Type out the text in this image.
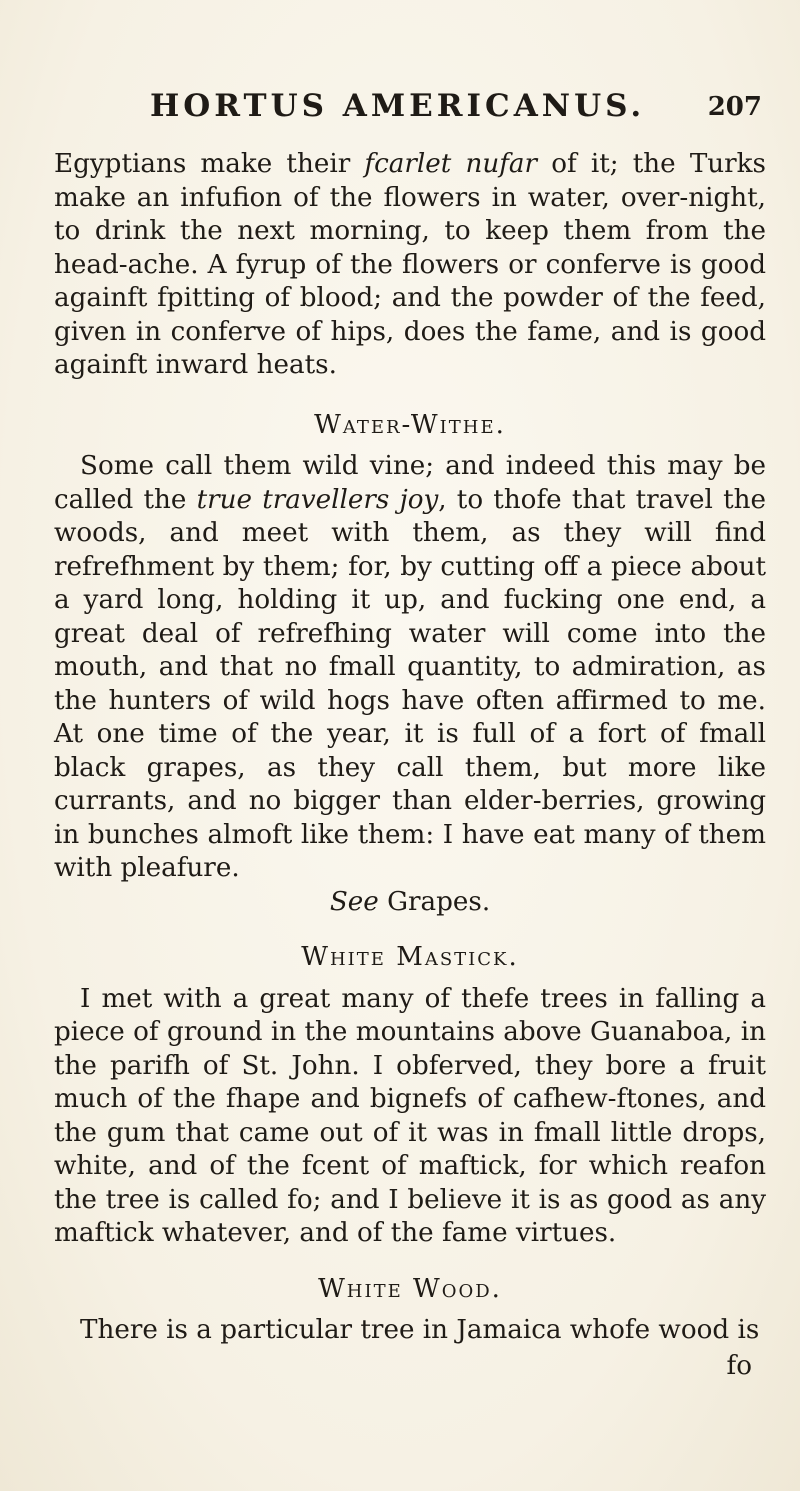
HORTUS AMERICANUS. 207

Egyptians make their fcarlet nufar of it; the Turks make an infufion of the flowers in water, over-night, to drink the next morning, to keep them from the head-ache. A fyrup of the flowers or conferve is good againft fpitting of blood; and the powder of the feed, given in conferve of hips, does the fame, and is good againft inward heats.

Water-Withe.

Some call them wild vine; and indeed this may be called the true travellers joy, to thofe that travel the woods, and meet with them, as they will find refrefhment by them; for, by cutting off a piece about a yard long, holding it up, and fucking one end, a great deal of refrefhing water will come into the mouth, and that no fmall quantity, to admiration, as the hunters of wild hogs have often affirmed to me. At one time of the year, it is full of a fort of fmall black grapes, as they call them, but more like currants, and no bigger than elder-berries, growing in bunches almoft like them: I have eat many of them with pleafure.

See Grapes.

White Mastick.

I met with a great many of thefe trees in falling a piece of ground in the mountains above Guanaboa, in the parifh of St. John. I obferved, they bore a fruit much of the fhape and bignefs of cafhew-ftones, and the gum that came out of it was in fmall little drops, white, and of the fcent of maftick, for which reafon the tree is called fo; and I believe it is as good as any maftick whatever, and of the fame virtues.

White Wood.

There is a particular tree in Jamaica whofe wood is

fo
